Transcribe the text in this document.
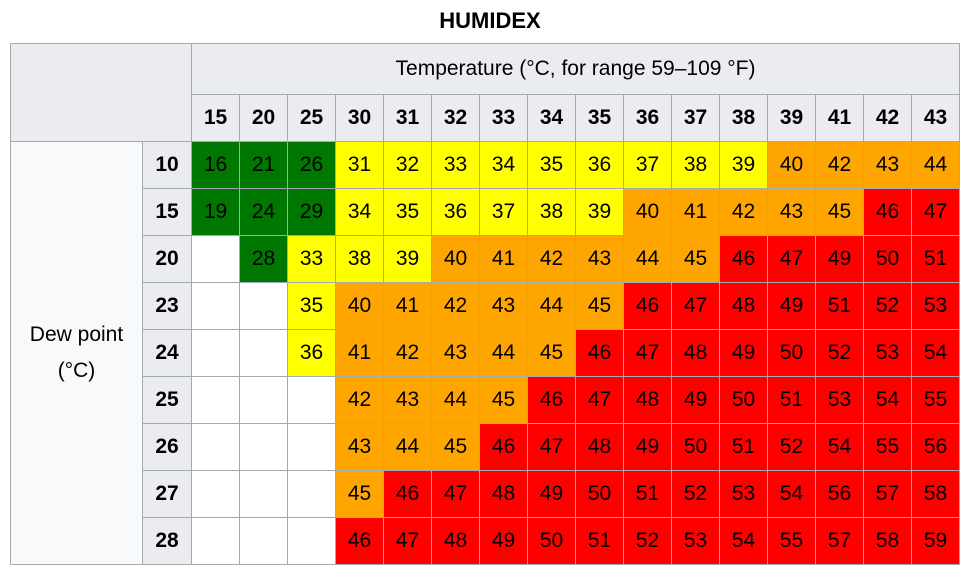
HUMIDEX
		Temperature (°C, for range 59–109 °F)															
		15	20	25	30	31	32	33	34	35	36	37	38	39	41	42	43

Dew point
(°C)	10	16	21	26	31	32	33	34	35	36	37	38	39	40	42	43	44
	15	19	24	29	34	35	36	37	38	39	40	41	42	43	45	46	47
	20		28	33	38	39	40	41	42	43	44	45	46	47	49	50	51
	23			35	40	41	42	43	44	45	46	47	48	49	51	52	53
	24			36	41	42	43	44	45	46	47	48	49	50	52	53	54
	25				42	43	44	45	46	47	48	49	50	51	53	54	55
	26				43	44	45	46	47	48	49	50	51	52	54	55	56
	27				45	46	47	48	49	50	51	52	53	54	56	57	58
	28				46	47	48	49	50	51	52	53	54	55	57	58	59
